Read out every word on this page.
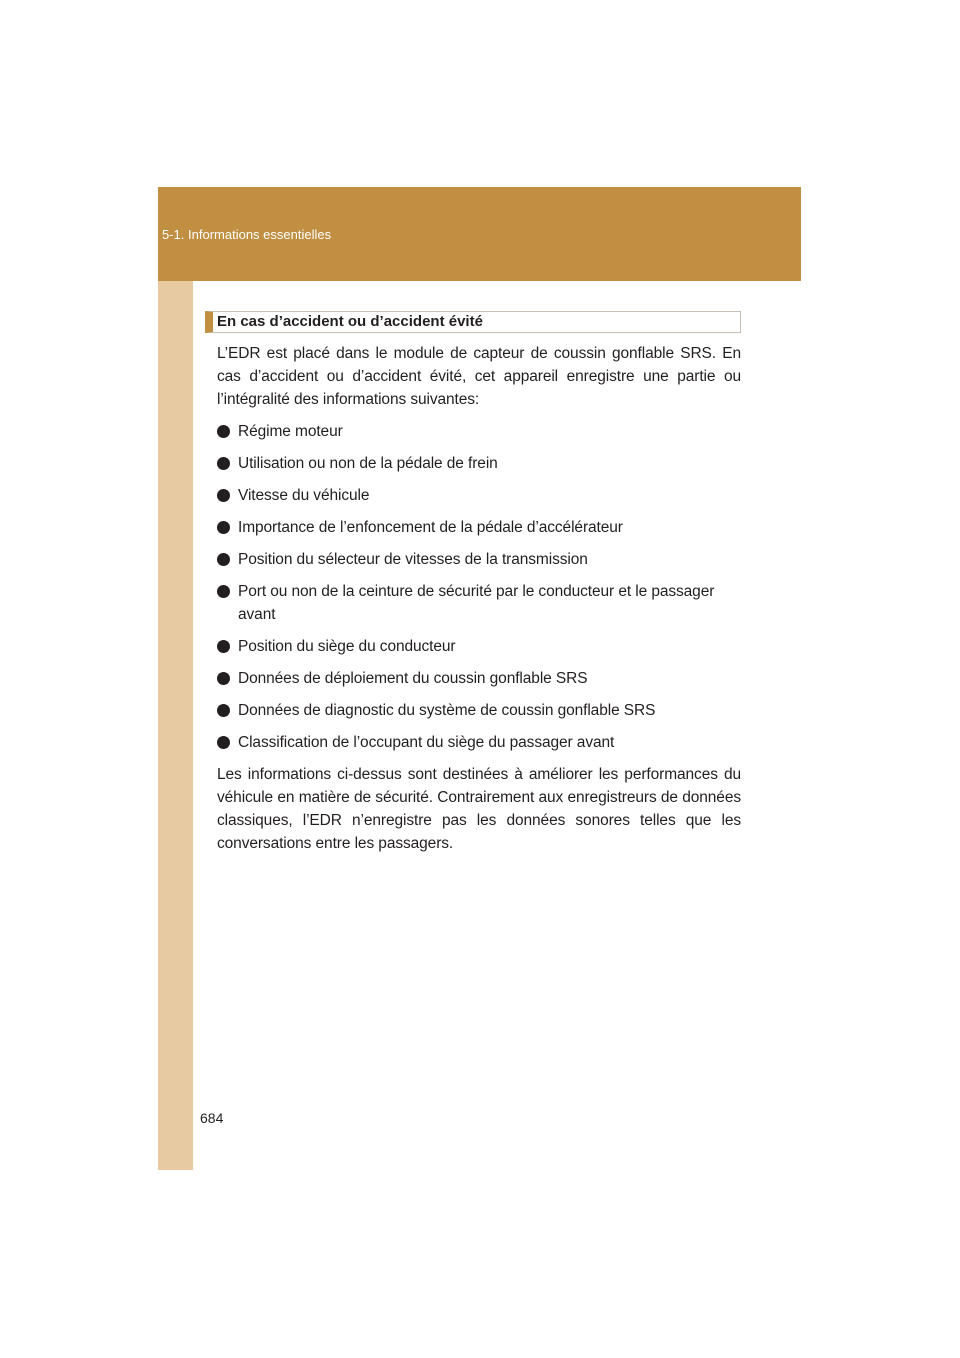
5-1. Informations essentielles
En cas d’accident ou d’accident évité

L’EDR est placé dans le module de capteur de coussin gonflable SRS. En cas d’accident ou d’accident évité, cet appareil enregistre une partie ou l’intégralité des informations suivantes:

Régime moteur
Utilisation ou non de la pédale de frein
Vitesse du véhicule
Importance de l’enfoncement de la pédale d’accélérateur
Position du sélecteur de vitesses de la transmission
Port ou non de la ceinture de sécurité par le conducteur et le passager avant
Position du siège du conducteur
Données de déploiement du coussin gonflable SRS
Données de diagnostic du système de coussin gonflable SRS
Classification de l’occupant du siège du passager avant

Les informations ci-dessus sont destinées à améliorer les performances du véhicule en matière de sécurité. Contrairement aux enregistreurs de données classiques, l’EDR n’enregistre pas les données sonores telles que les conversations entre les passagers.

684
